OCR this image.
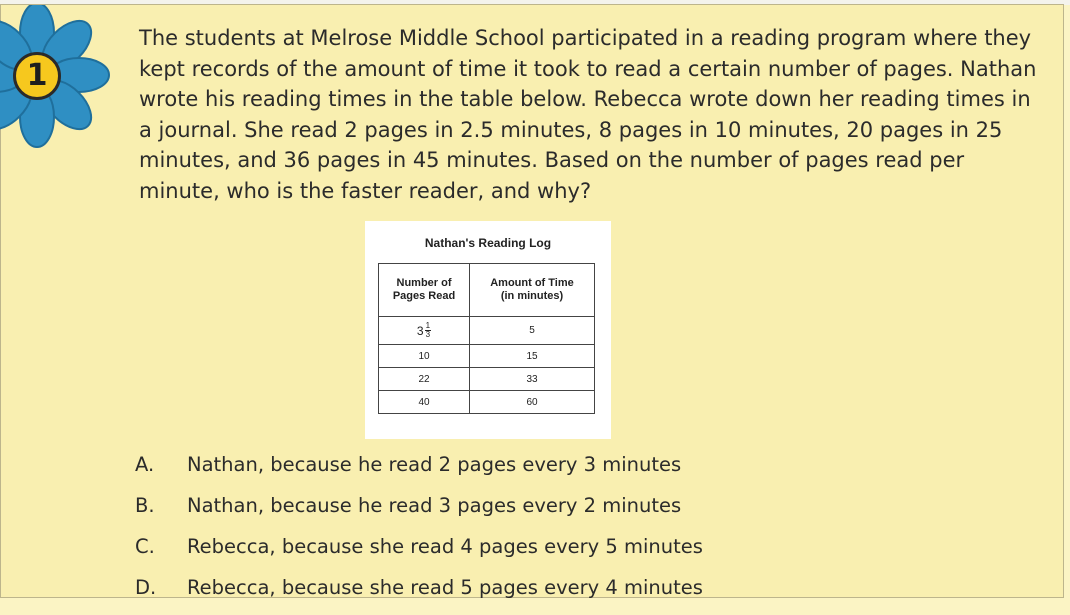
1

The students at Melrose Middle School participated in a reading program where they kept records of the amount of time it took to read a certain number of pages. Nathan wrote his reading times in the table below. Rebecca wrote down her reading times in a journal. She read 2 pages in 2.5 minutes, 8 pages in 10 minutes, 20 pages in 25 minutes, and 36 pages in 45 minutes. Based on the number of pages read per minute, who is the faster reader, and why?

Nathan's Reading Log
Number of
Pages Read	Amount of Time
(in minutes)

$3 \frac{1}{3}$	5
10	15
22	33
40	60
A.	Nathan, because he read 2 pages every 3 minutes
B.	Nathan, because he read 3 pages every 2 minutes
C.	Rebecca, because she read 4 pages every 5 minutes
D.	Rebecca, because she read 5 pages every 4 minutes
